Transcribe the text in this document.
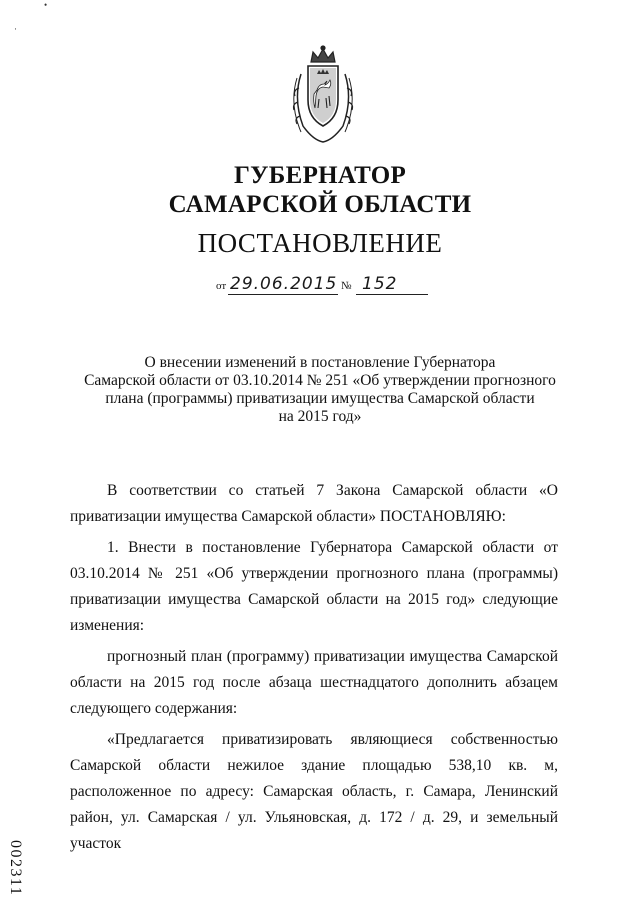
•
·
ГУБЕРНАТОР
САМАРСКОЙ ОБЛАСТИ
ПОСТАНОВЛЕНИЕ
от 29.06.2015 № 152
О внесении изменений в постановление Губернатора
Самарской области от 03.10.2014 № 251 «Об утверждении прогнозного
плана (программы) приватизации имущества Самарской области
на 2015 год»

В соответствии со статьей 7 Закона Самарской области «О приватизации имущества Самарской области» ПОСТАНОВЛЯЮ:

1. Внести в постановление Губернатора Самарской области от 03.10.2014 № 251 «Об утверждении прогнозного плана (программы) приватизации имущества Самарской области на 2015 год» следующие изменения:

прогнозный план (программу) приватизации имущества Самарской области на 2015 год после абзаца шестнадцатого дополнить абзацем следующего содержания:

«Предлагается приватизировать являющиеся собственностью Самарской области нежилое здание площадью 538,10 кв. м, расположенное по адресу: Самарская область, г. Самара, Ленинский район, ул. Самарская / ул. Ульяновская, д. 172 / д. 29, и земельный участок

002311
